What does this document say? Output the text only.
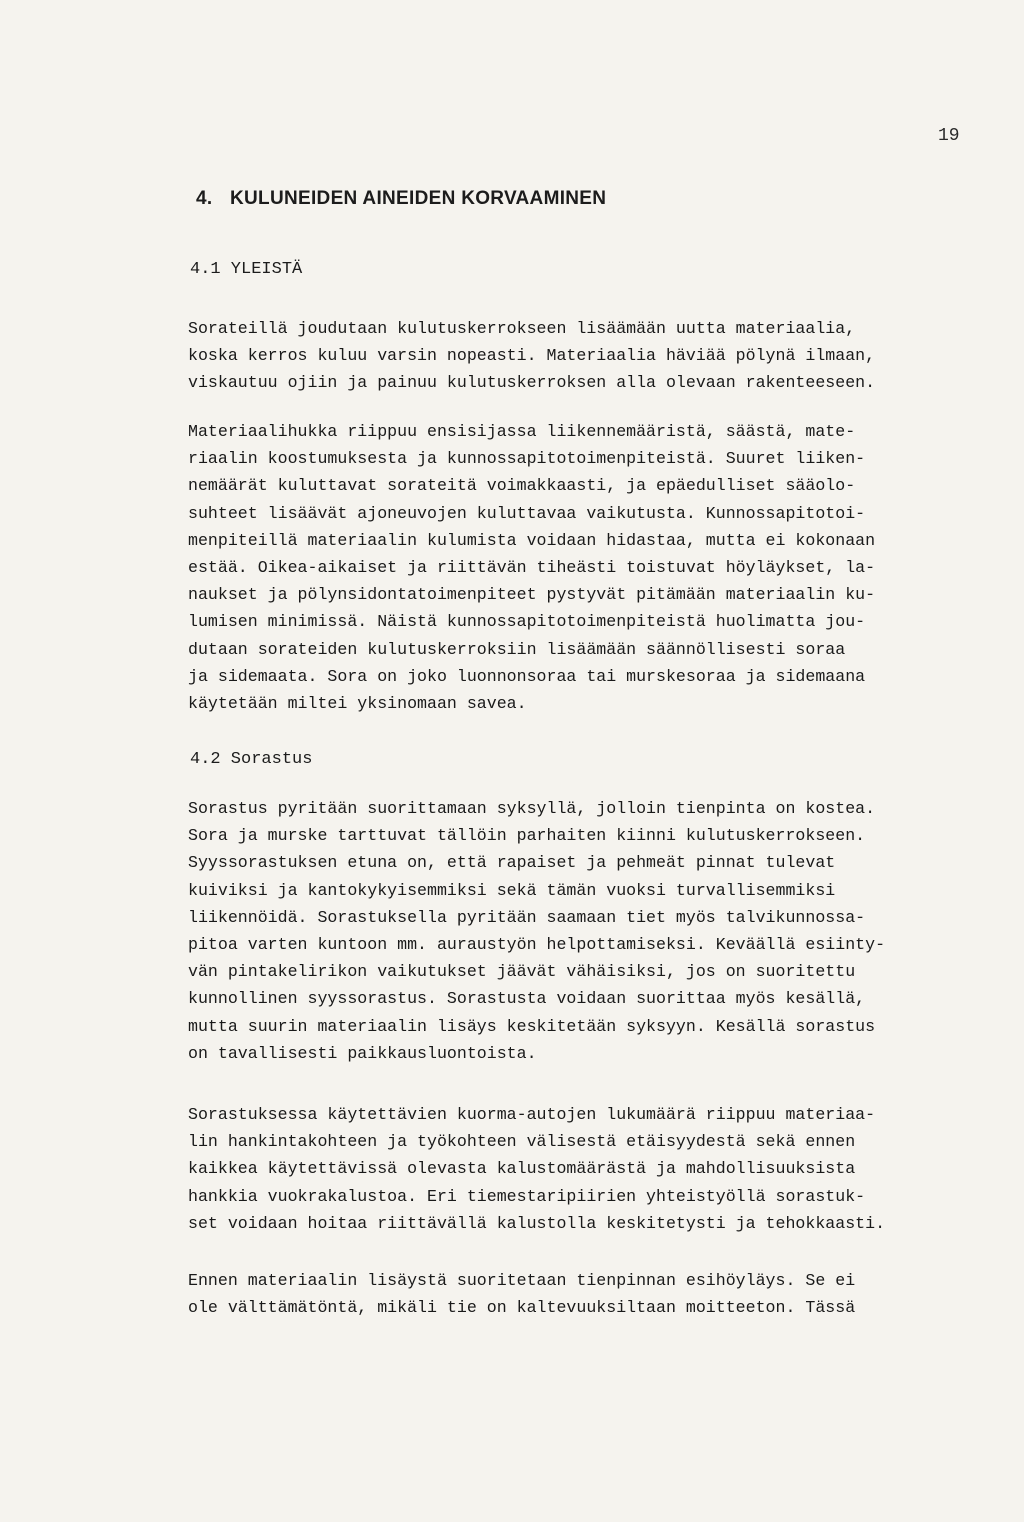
19
4. KULUNEIDEN AINEIDEN KORVAAMINEN
4.1 YLEISTÄ

Sorateillä joudutaan kulutuskerrokseen lisäämään uutta materiaalia,
koska kerros kuluu varsin nopeasti. Materiaalia häviää pölynä ilmaan,
viskautuu ojiin ja painuu kulutuskerroksen alla olevaan rakenteeseen.

Materiaalihukka riippuu ensisijassa liikennemääristä, säästä, mate-
riaalin koostumuksesta ja kunnossapitotoimenpiteistä. Suuret liiken-
nemäärät kuluttavat sorateitä voimakkaasti, ja epäedulliset sääolo-
suhteet lisäävät ajoneuvojen kuluttavaa vaikutusta. Kunnossapitotoi-
menpiteillä materiaalin kulumista voidaan hidastaa, mutta ei kokonaan
estää. Oikea-aikaiset ja riittävän tiheästi toistuvat höyläykset, la-
naukset ja pölynsidontatoimenpiteet pystyvät pitämään materiaalin ku-
lumisen minimissä. Näistä kunnossapitotoimenpiteistä huolimatta jou-
dutaan sorateiden kulutuskerroksiin lisäämään säännöllisesti soraa
ja sidemaata. Sora on joko luonnonsoraa tai murskesoraa ja sidemaana
käytetään miltei yksinomaan savea.

4.2 Sorastus

Sorastus pyritään suorittamaan syksyllä, jolloin tienpinta on kostea.
Sora ja murske tarttuvat tällöin parhaiten kiinni kulutuskerrokseen.
Syyssorastuksen etuna on, että rapaiset ja pehmeät pinnat tulevat
kuiviksi ja kantokykyisemmiksi sekä tämän vuoksi turvallisemmiksi
liikennöidä. Sorastuksella pyritään saamaan tiet myös talvikunnossa-
pitoa varten kuntoon mm. auraustyön helpottamiseksi. Keväällä esiinty-
vän pintakelirikon vaikutukset jäävät vähäisiksi, jos on suoritettu
kunnollinen syyssorastus. Sorastusta voidaan suorittaa myös kesällä,
mutta suurin materiaalin lisäys keskitetään syksyyn. Kesällä sorastus
on tavallisesti paikkausluontoista.

Sorastuksessa käytettävien kuorma-autojen lukumäärä riippuu materiaa-
lin hankintakohteen ja työkohteen välisestä etäisyydestä sekä ennen
kaikkea käytettävissä olevasta kalustomäärästä ja mahdollisuuksista
hankkia vuokrakalustoa. Eri tiemestaripiirien yhteistyöllä sorastuk-
set voidaan hoitaa riittävällä kalustolla keskitetysti ja tehokkaasti.

Ennen materiaalin lisäystä suoritetaan tienpinnan esihöyläys. Se ei
ole välttämätöntä, mikäli tie on kaltevuuksiltaan moitteeton. Tässä
